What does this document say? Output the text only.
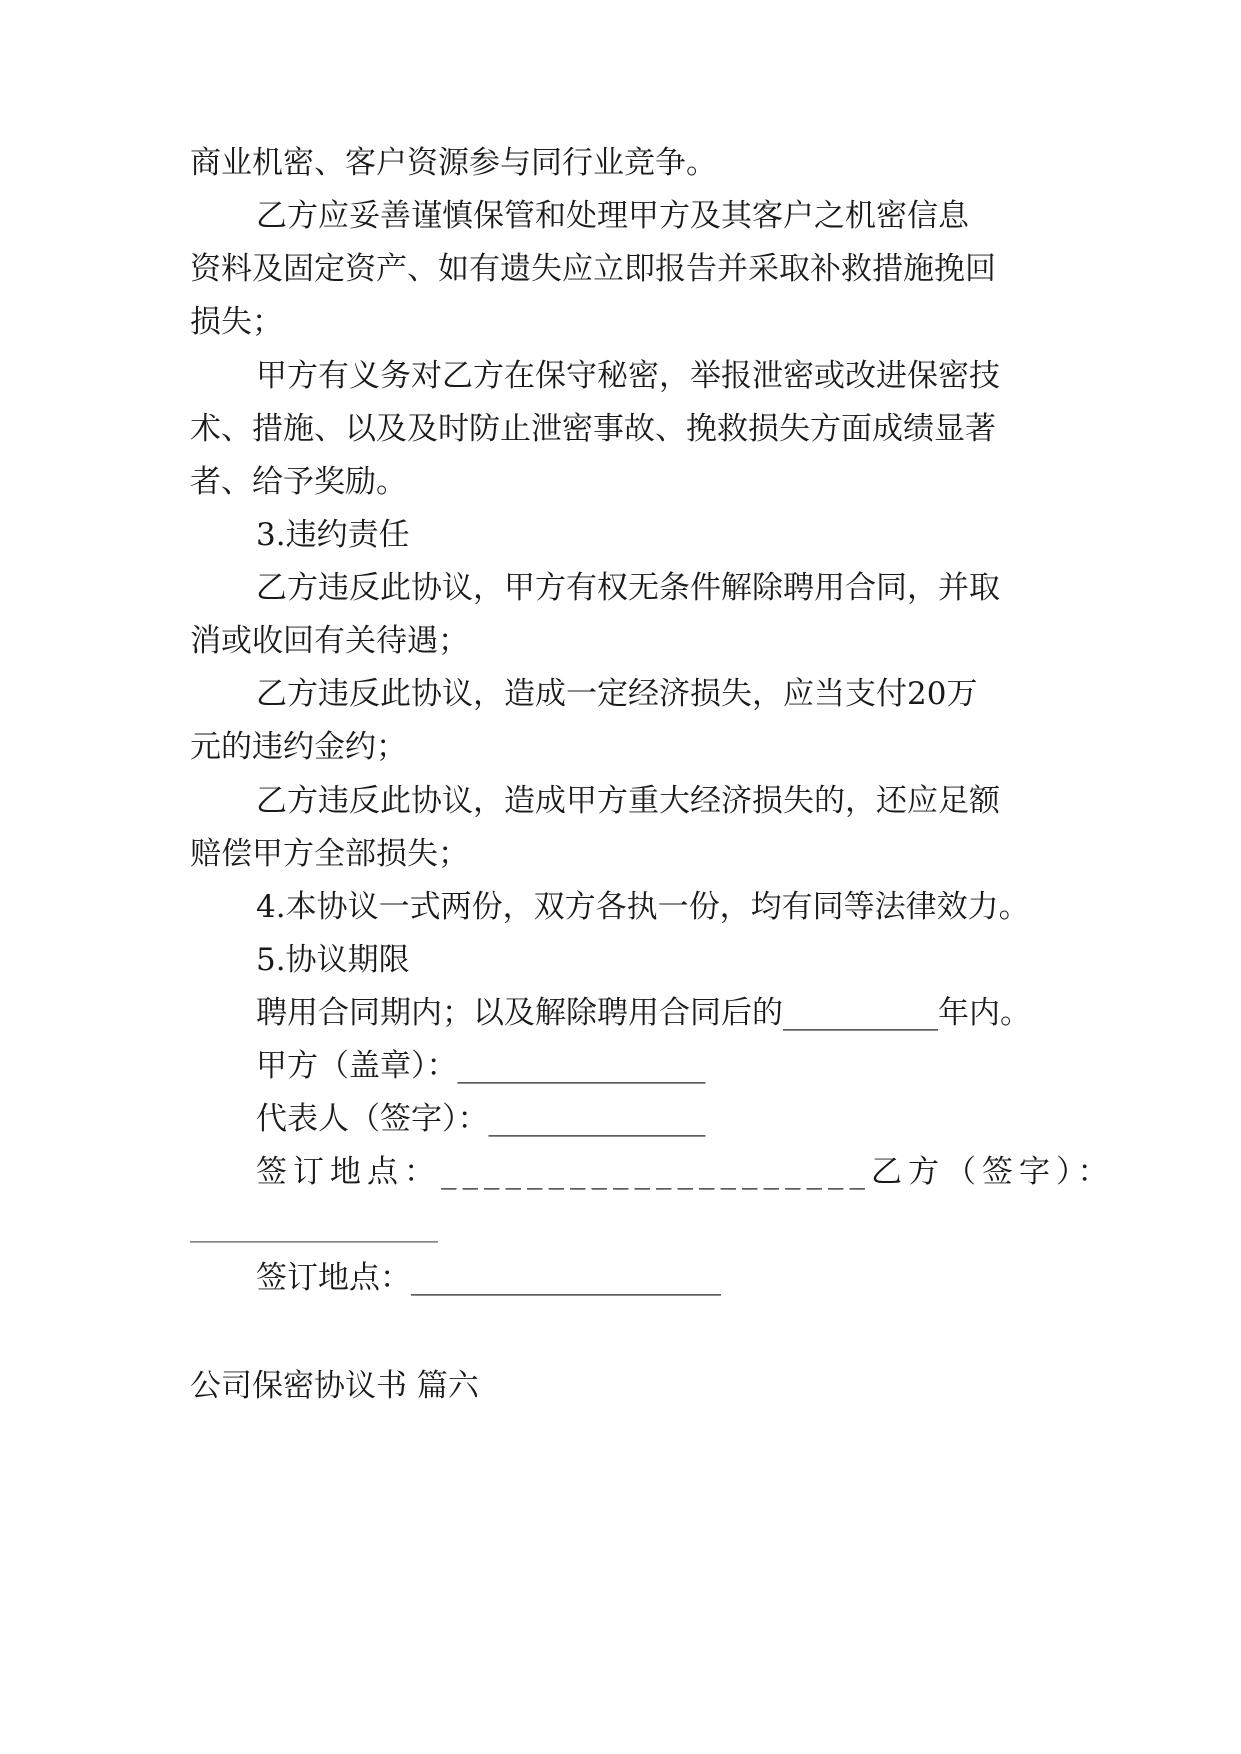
商业机密、客户资源参与同行业竞争。
乙方应妥善谨慎保管和处理甲方及其客户之机密信息
资料及固定资产、如有遗失应立即报告并采取补救措施挽回
损失；
甲方有义务对乙方在保守秘密，举报泄密或改进保密技
术、措施、以及及时防止泄密事故、挽救损失方面成绩显著
者、给予奖励。
3.违约责任
乙方违反此协议，甲方有权无条件解除聘用合同，并取
消或收回有关待遇；
乙方违反此协议，造成一定经济损失，应当支付20万
元的违约金约；
乙方违反此协议，造成甲方重大经济损失的，还应足额
赔偿甲方全部损失；
4.本协议一式两份，双方各执一份，均有同等法律效力。
5.协议期限
聘用合同期内；以及解除聘用合同后的__________年内。
甲方（盖章）：________________
代表人（签字）：______________
签订地点：____________________乙方（签字）：
________________
签订地点：____________________
公司保密协议书 篇六
